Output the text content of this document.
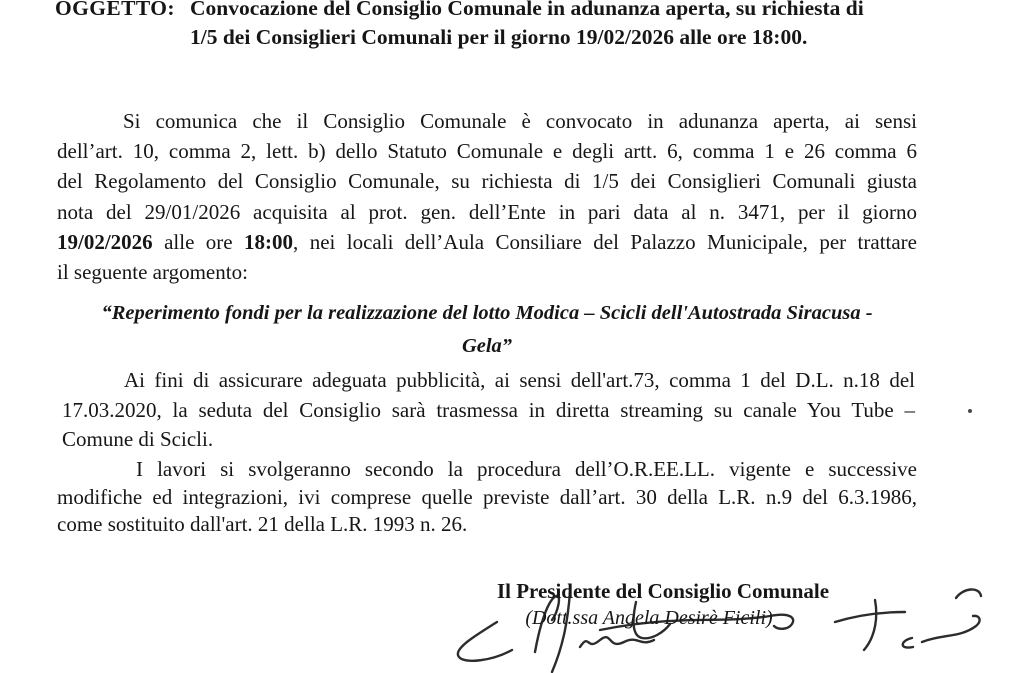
OGGETTO: Convocazione del Consiglio Comunale in adunanza aperta, su richiesta di
1/5 dei Consiglieri Comunali per il giorno 19/02/2026 alle ore 18:00.
Si comunica che il Consiglio Comunale è convocato in adunanza aperta, ai sensi
dell’art. 10, comma 2, lett. b) dello Statuto Comunale e degli artt. 6, comma 1 e 26 comma 6
del Regolamento del Consiglio Comunale, su richiesta di 1/5 dei Consiglieri Comunali giusta
nota del 29/01/2026 acquisita al prot. gen. dell’Ente in pari data al n. 3471, per il giorno
19/02/2026 alle ore 18:00, nei locali dell’Aula Consiliare del Palazzo Municipale, per trattare
il seguente argomento:
“Reperimento fondi per la realizzazione del lotto Modica – Scicli dell'Autostrada Siracusa -
Gela”
Ai fini di assicurare adeguata pubblicità, ai sensi dell'art.73, comma 1 del D.L. n.18 del
17.03.2020, la seduta del Consiglio sarà trasmessa in diretta streaming su canale You Tube –
Comune di Scicli.
I lavori si svolgeranno secondo la procedura dell’O.R.EE.LL. vigente e successive
modifiche ed integrazioni, ivi comprese quelle previste dall’art. 30 della L.R. n.9 del 6.3.1986,
come sostituito dall'art. 21 della L.R. 1993 n. 26.
Il Presidente del Consiglio Comunale
(Dott.ssa Angela Desirè Ficili)
